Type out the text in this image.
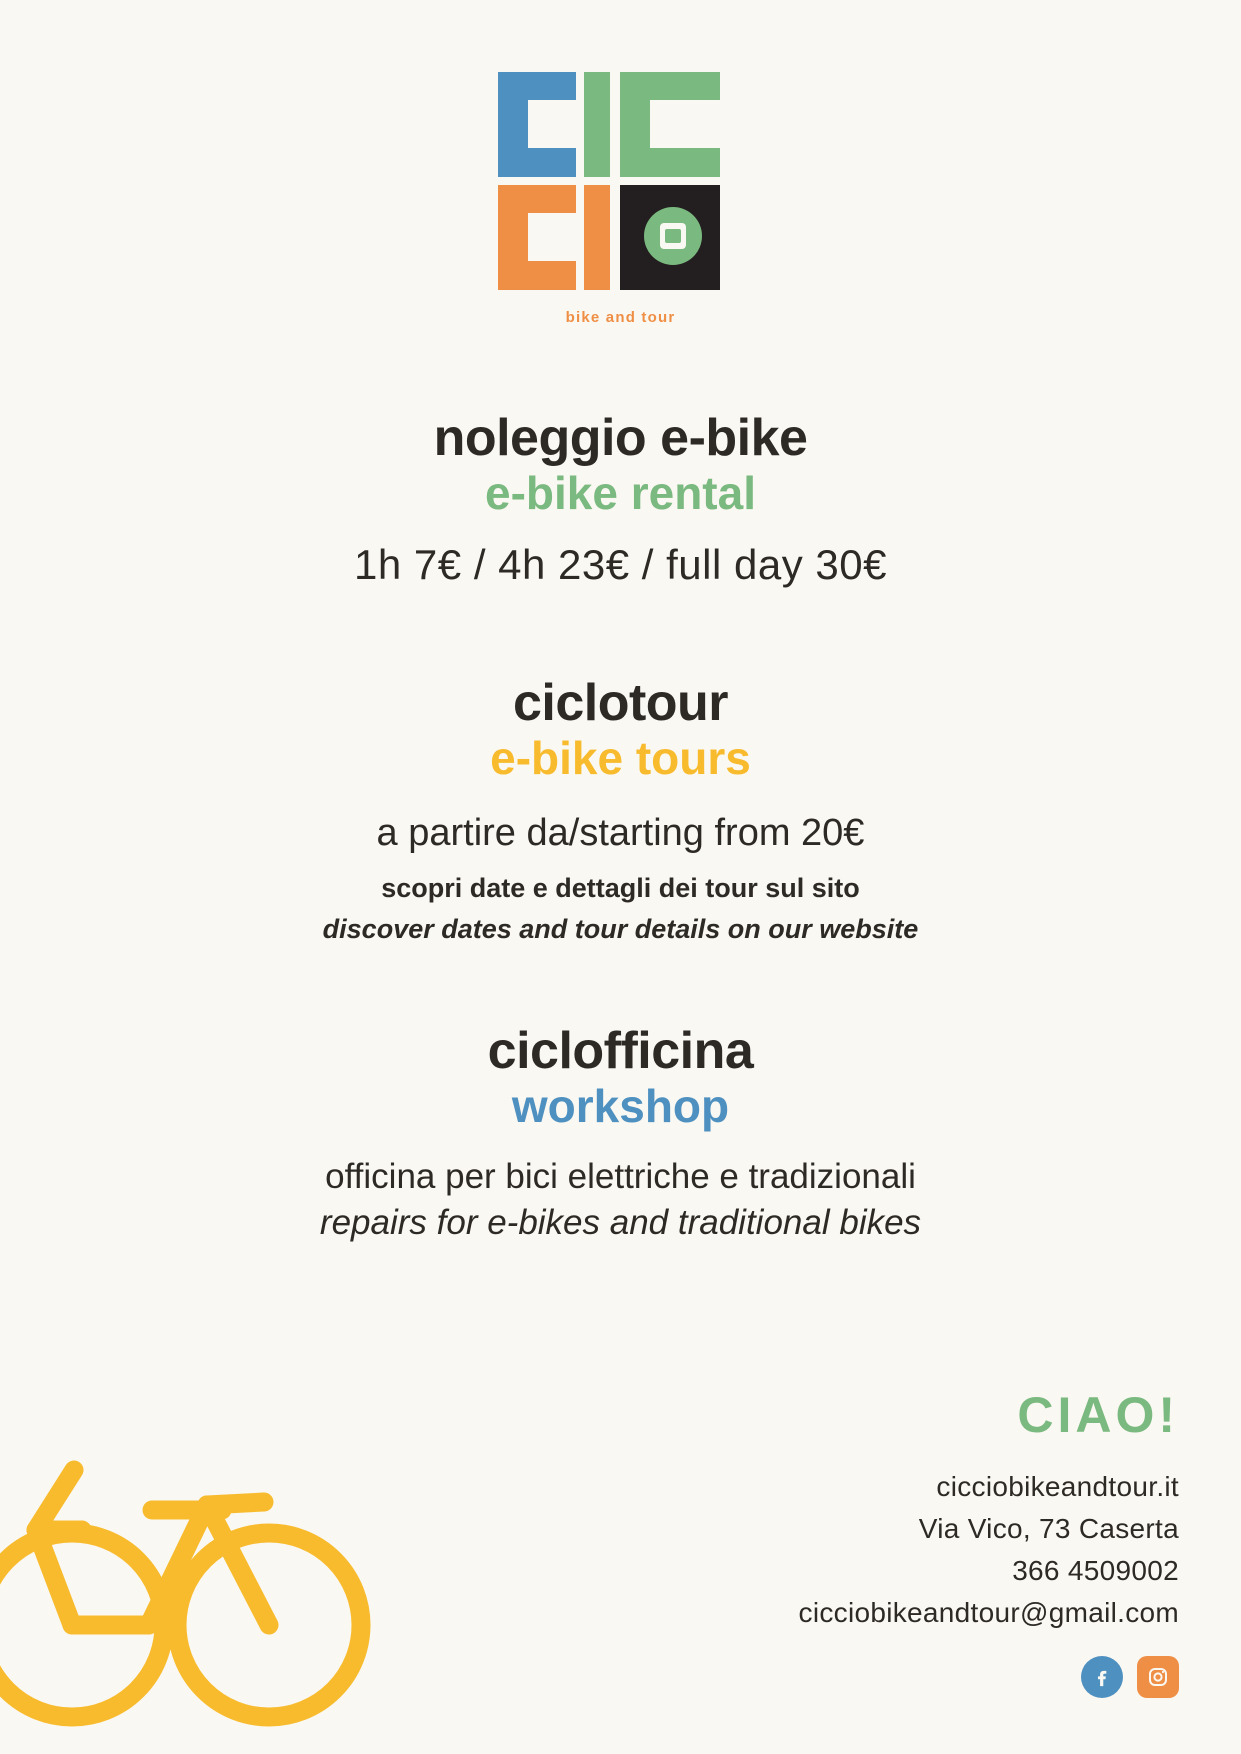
bike and tour
noleggio e-bike
e-bike rental
1h 7€ / 4h 23€ / full day 30€
ciclotour
e-bike tours
a partire da/starting from 20€
scopri date e dettagli dei tour sul sito
discover dates and tour details on our website
ciclofficina
workshop
officina per bici elettriche e tradizionali
repairs for e-bikes and traditional bikes
CIAO!
cicciobikeandtour.it
Via Vico, 73 Caserta
366 4509002
cicciobikeandtour@gmail.com
